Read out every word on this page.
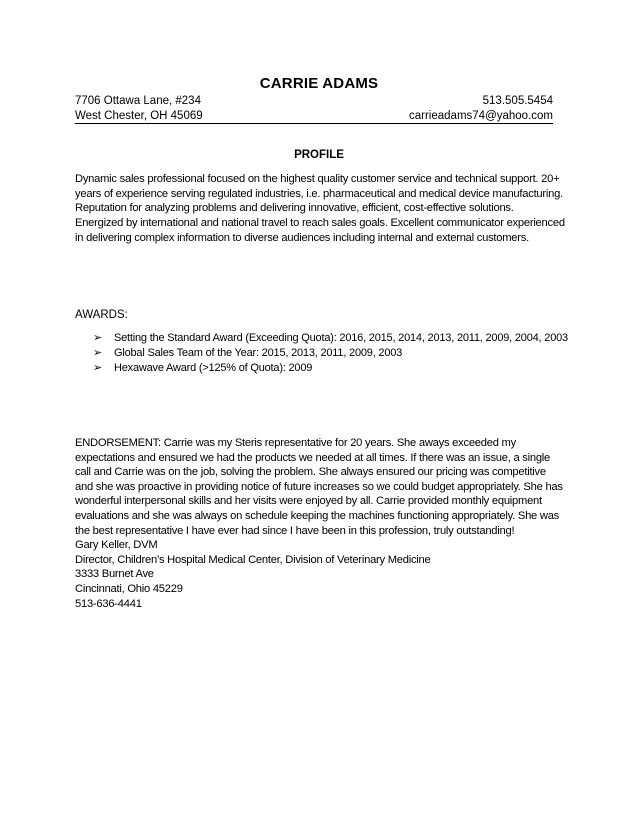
CARRIE ADAMS
7706 Ottawa Lane, #234	513.505.5454
West Chester, OH 45069	carrieadams74@yahoo.com
PROFILE
Dynamic sales professional focused on the highest quality customer service and technical support. 20+
years of experience serving regulated industries, i.e. pharmaceutical and medical device manufacturing.
Reputation for analyzing problems and delivering innovative, efficient, cost-effective solutions.
Energized by international and national travel to reach sales goals. Excellent communicator experienced
in delivering complex information to diverse audiences including internal and external customers.
AWARDS:
➢	Setting the Standard Award (Exceeding Quota): 2016, 2015, 2014, 2013, 2011, 2009, 2004, 2003
➢	Global Sales Team of the Year: 2015, 2013, 2011, 2009, 2003
➢	Hexawave Award (>125% of Quota): 2009
ENDORSEMENT: Carrie was my Steris representative for 20 years. She aways exceeded my
expectations and ensured we had the products we needed at all times. If there was an issue, a single
call and Carrie was on the job, solving the problem. She always ensured our pricing was competitive
and she was proactive in providing notice of future increases so we could budget appropriately. She has
wonderful interpersonal skills and her visits were enjoyed by all. Carrie provided monthly equipment
evaluations and she was always on schedule keeping the machines functioning appropriately. She was
the best representative I have ever had since I have been in this profession, truly outstanding!
Gary Keller, DVM
Director, Children’s Hospital Medical Center, Division of Veterinary Medicine
3333 Burnet Ave
Cincinnati, Ohio 45229
513-636-4441
